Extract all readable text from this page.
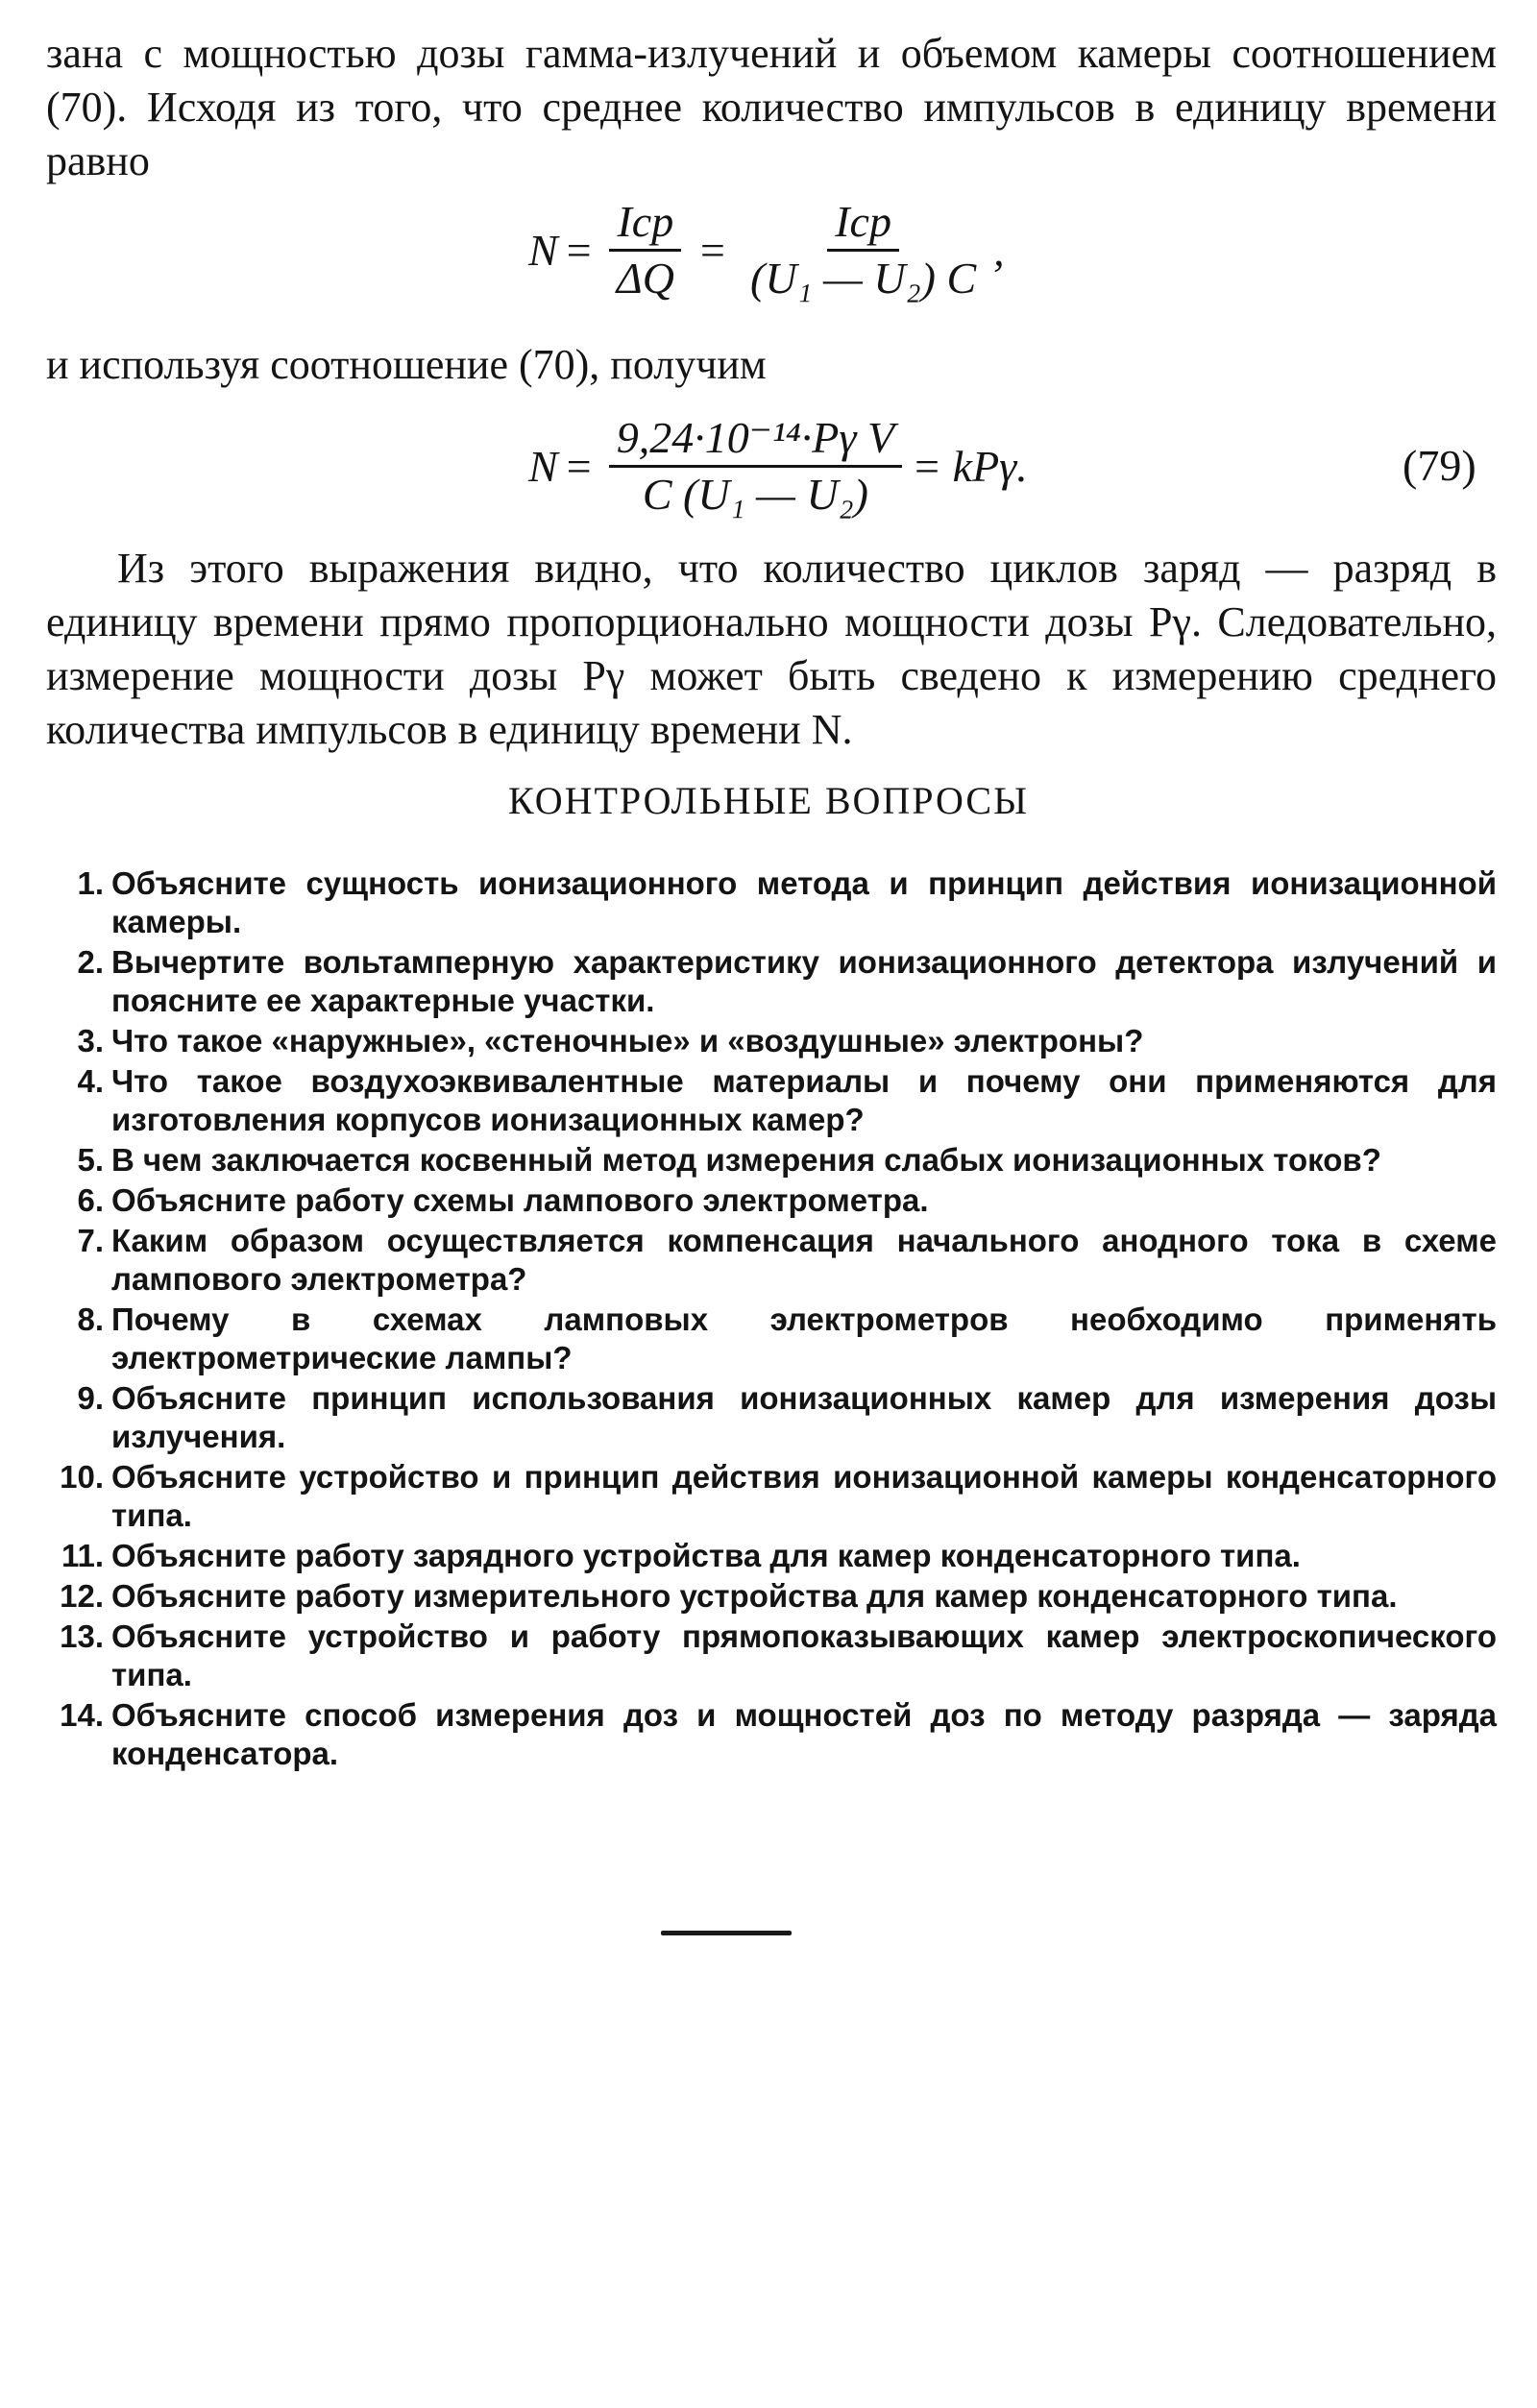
зана с мощностью дозы гамма-излучений и объемом камеры соотношением (70). Исходя из того, что среднее количество импульсов в единицу времени равно
$N = \frac{\text{Iср}}{\Delta Q} = \frac{\text{Iср}}{\text{(U₁ — U₂) C}}$ ,
и используя соотношение (70), получим
$N = \frac{\text{9,24·10⁻¹⁴·Pγ V}}{\text{C (U₁ — U₂)}} = kP\gamma$.	(79)
Из этого выражения видно, что количество циклов заряд — разряд в единицу времени прямо пропорционально мощности дозы Pγ. Следовательно, измерение мощности дозы Pγ может быть сведено к измерению среднего количества импульсов в единицу времени N.
КОНТРОЛЬНЫЕ ВОПРОСЫ
1. Объясните сущность ионизационного метода и принцип действия ионизационной камеры.
2. Вычертите вольтамперную характеристику ионизационного детектора излучений и поясните ее характерные участки.
3. Что такое «наружные», «стеночные» и «воздушные» электроны?
4. Что такое воздухоэквивалентные материалы и почему они применяются для изготовления корпусов ионизационных камер?
5. В чем заключается косвенный метод измерения слабых ионизационных токов?
6. Объясните работу схемы лампового электрометра.
7. Каким образом осуществляется компенсация начального анодного тока в схеме лампового электрометра?
8. Почему в схемах ламповых электрометров необходимо применять электрометрические лампы?
9. Объясните принцип использования ионизационных камер для измерения дозы излучения.
10. Объясните устройство и принцип действия ионизационной камеры конденсаторного типа.
11. Объясните работу зарядного устройства для камер конденсаторного типа.
12. Объясните работу измерительного устройства для камер конденсаторного типа.
13. Объясните устройство и работу прямопоказывающих камер электроскопического типа.
14. Объясните способ измерения доз и мощностей доз по методу разряда — заряда конденсатора.
